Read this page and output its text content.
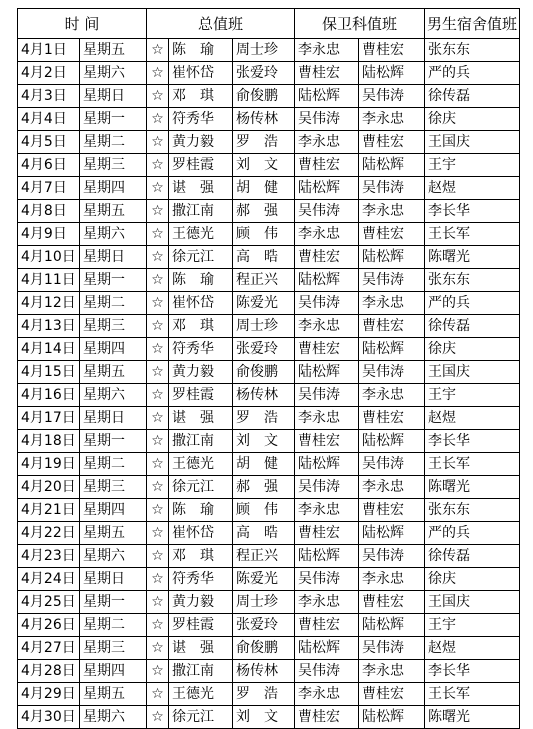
时 间		总值班			保卫科值班		男生宿舍值班
4月1日	星期五	☆	陈　瑜	周士珍	李永忠	曹桂宏	张东东
4月2日	星期六	☆	崔怀岱	张爱玲	曹桂宏	陆松辉	严的兵
4月3日	星期日	☆	邓　琪	俞俊鹏	陆松辉	吴伟涛	徐传磊
4月4日	星期一	☆	符秀华	杨传林	吴伟涛	李永忠	徐庆
4月5日	星期二	☆	黄力毅	罗　浩	李永忠	曹桂宏	王国庆
4月6日	星期三	☆	罗桂霞	刘　文	曹桂宏	陆松辉	王宇
4月7日	星期四	☆	谌　强	胡　健	陆松辉	吴伟涛	赵煜
4月8日	星期五	☆	撒江南	郝　强	吴伟涛	李永忠	李长华
4月9日	星期六	☆	王德光	顾　伟	李永忠	曹桂宏	王长军
4月10日	星期日	☆	徐元江	高　晧	曹桂宏	陆松辉	陈曙光
4月11日	星期一	☆	陈　瑜	程正兴	陆松辉	吴伟涛	张东东
4月12日	星期二	☆	崔怀岱	陈爱光	吴伟涛	李永忠	严的兵
4月13日	星期三	☆	邓　琪	周士珍	李永忠	曹桂宏	徐传磊
4月14日	星期四	☆	符秀华	张爱玲	曹桂宏	陆松辉	徐庆
4月15日	星期五	☆	黄力毅	俞俊鹏	陆松辉	吴伟涛	王国庆
4月16日	星期六	☆	罗桂霞	杨传林	吴伟涛	李永忠	王宇
4月17日	星期日	☆	谌　强	罗　浩	李永忠	曹桂宏	赵煜
4月18日	星期一	☆	撒江南	刘　文	曹桂宏	陆松辉	李长华
4月19日	星期二	☆	王德光	胡　健	陆松辉	吴伟涛	王长军
4月20日	星期三	☆	徐元江	郝　强	吴伟涛	李永忠	陈曙光
4月21日	星期四	☆	陈　瑜	顾　伟	李永忠	曹桂宏	张东东
4月22日	星期五	☆	崔怀岱	高　晧	曹桂宏	陆松辉	严的兵
4月23日	星期六	☆	邓　琪	程正兴	陆松辉	吴伟涛	徐传磊
4月24日	星期日	☆	符秀华	陈爱光	吴伟涛	李永忠	徐庆
4月25日	星期一	☆	黄力毅	周士珍	李永忠	曹桂宏	王国庆
4月26日	星期二	☆	罗桂霞	张爱玲	曹桂宏	陆松辉	王宇
4月27日	星期三	☆	谌　强	俞俊鹏	陆松辉	吴伟涛	赵煜
4月28日	星期四	☆	撒江南	杨传林	吴伟涛	李永忠	李长华
4月29日	星期五	☆	王德光	罗　浩	李永忠	曹桂宏	王长军
4月30日	星期六	☆	徐元江	刘　文	曹桂宏	陆松辉	陈曙光
